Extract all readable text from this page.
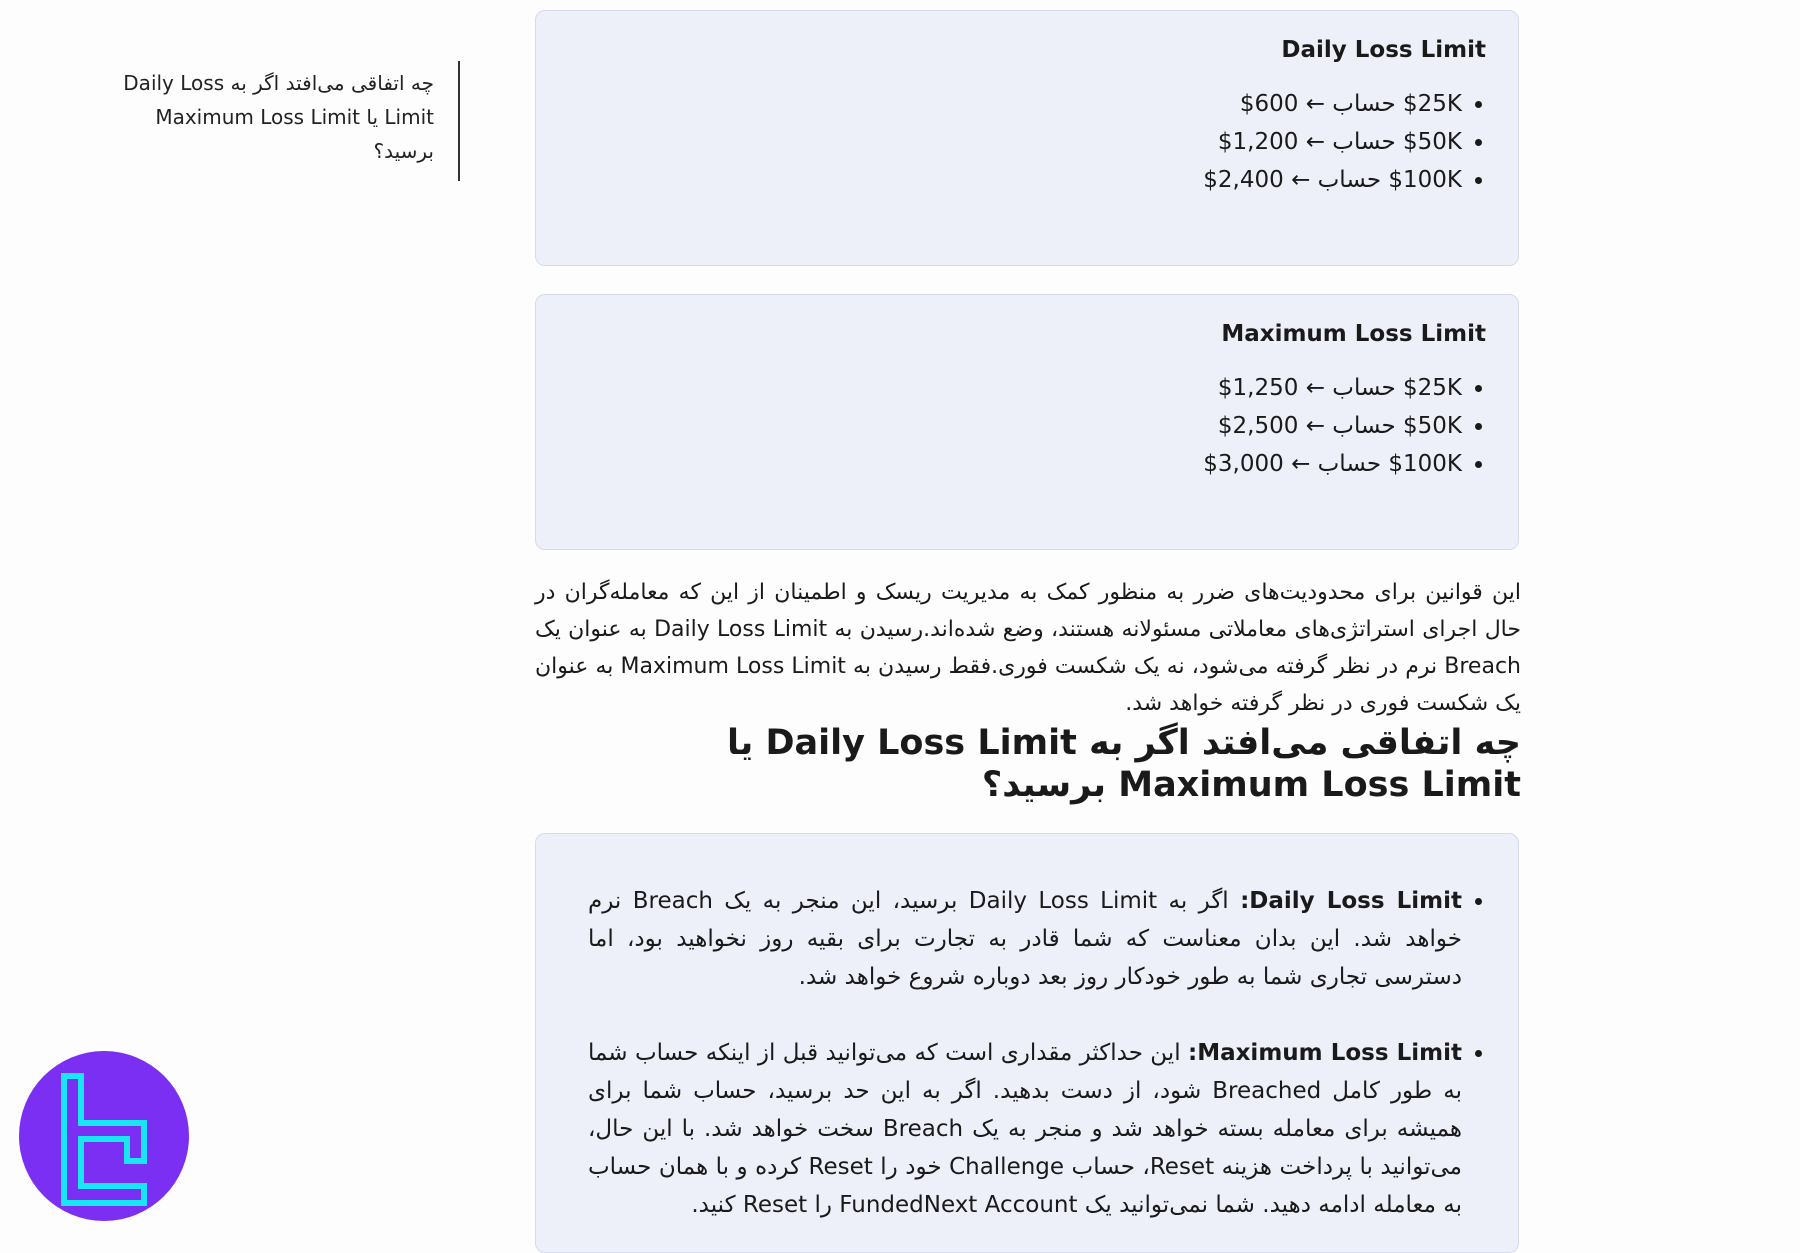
چه اتفاقی می‌افتد اگر به Daily Loss Limit یا Maximum Loss Limit برسید؟
Daily Loss Limit
• $25K حساب ← 600$
• $50K حساب ← 1,200$
• $100K حساب ← 2,400$
Maximum Loss Limit
• $25K حساب ← 1,250$
• $50K حساب ← 2,500$
• $100K حساب ← 3,000$

این قوانین برای محدودیت‌های ضرر به منظور کمک به مدیریت ریسک و اطمینان از این که معامله‌گران در حال اجرای استراتژی‌های معاملاتی مسئولانه هستند، وضع شده‌اند.رسیدن به Daily Loss Limit به عنوان یک Breach نرم در نظر گرفته می‌شود، نه یک شکست فوری.فقط رسیدن به Maximum Loss Limit به عنوان یک شکست فوری در نظر گرفته خواهد شد.

چه اتفاقی می‌افتد اگر به Daily Loss Limit یا Maximum Loss Limit برسید؟
• Daily Loss Limit: اگر به Daily Loss Limit برسید، این منجر به یک Breach نرم خواهد شد. این بدان معناست که شما قادر به تجارت برای بقیه روز نخواهید بود، اما دسترسی تجاری شما به طور خودکار روز بعد دوباره شروع خواهد شد.
• Maximum Loss Limit: این حداکثر مقداری است که می‌توانید قبل از اینکه حساب شما به طور کامل Breached شود، از دست بدهید. اگر به این حد برسید، حساب شما برای همیشه برای معامله بسته خواهد شد و منجر به یک Breach سخت خواهد شد. با این حال، می‌توانید با پرداخت هزینه Reset، حساب Challenge خود را Reset کرده و با همان حساب به معامله ادامه دهید. شما نمی‌توانید یک FundedNext Account را Reset کنید.
